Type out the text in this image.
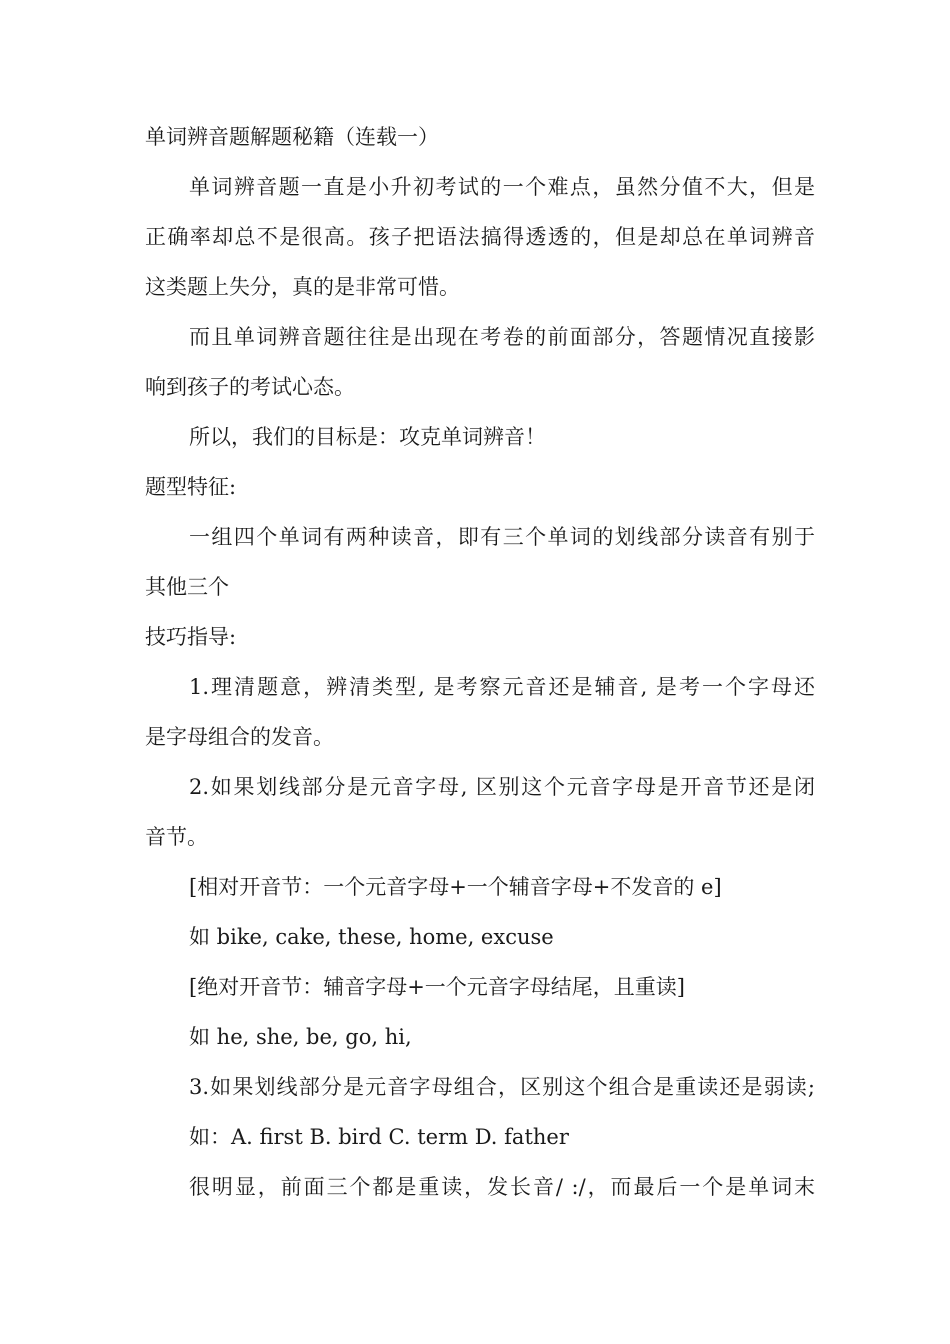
单词辨音题解题秘籍（连载一）

单词辨音题一直是小升初考试的一个难点，虽然分值不大，但是

正确率却总不是很高。孩子把语法搞得透透的，但是却总在单词辨音

这类题上失分，真的是非常可惜。

而且单词辨音题往往是出现在考卷的前面部分，答题情况直接影

响到孩子的考试心态。

所以，我们的目标是：攻克单词辨音！

题型特征:

一组四个单词有两种读音，即有三个单词的划线部分读音有别于

其他三个

技巧指导:

1.理清题意，辨清类型, 是考察元音还是辅音, 是考一个字母还

是字母组合的发音。

2.如果划线部分是元音字母, 区别这个元音字母是开音节还是闭

音节。

[相对开音节：一个元音字母+一个辅音字母+不发音的 e]

如 bike, cake, these, home, excuse

[绝对开音节：辅音字母+一个元音字母结尾，且重读]

如 he, she, be, go, hi,

3.如果划线部分是元音字母组合，区别这个组合是重读还是弱读;

如：A. first B. bird C. term D. father

很明显，前面三个都是重读，发长音/ :/，而最后一个是单词末
